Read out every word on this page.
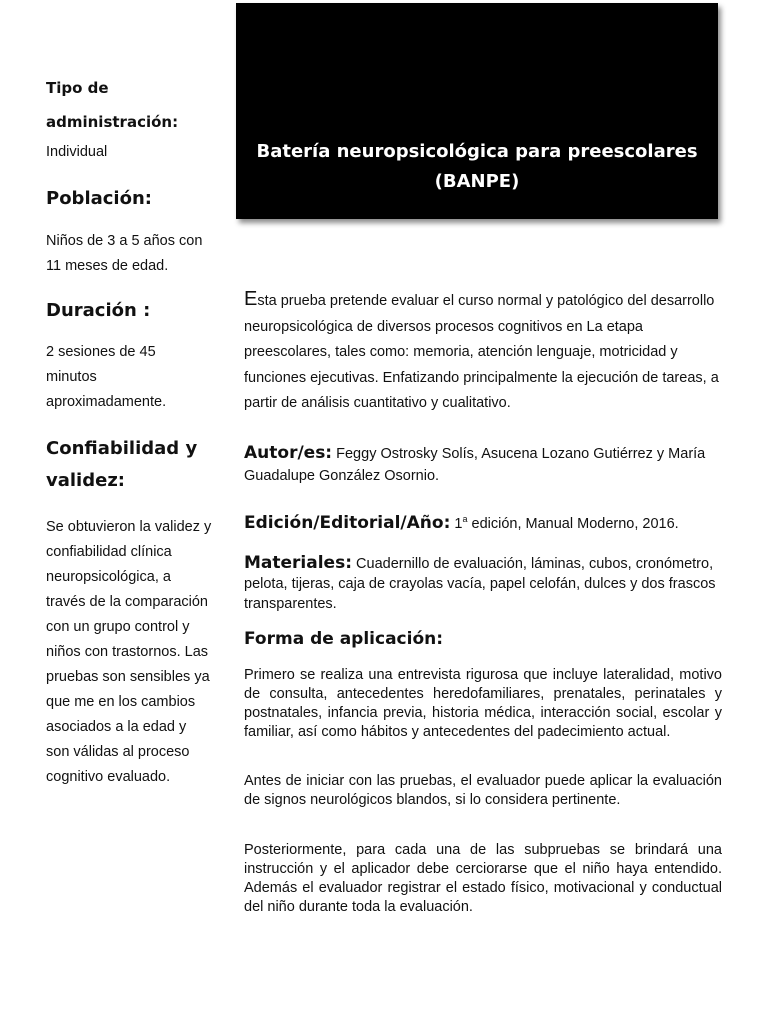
Batería neuropsicológica para preescolares
(BANPE)
Tipo de administración:
Individual
Población:
Niños de 3 a 5 años con 11 meses de edad.
Duración :
2 sesiones de 45 minutos aproximadamente.
Confiabilidad y validez:
Se obtuvieron la validez y confiabilidad clínica neuropsicológica, a través de la comparación con un grupo control y niños con trastornos. Las pruebas son sensibles ya que me en los cambios asociados a la edad y son válidas al proceso cognitivo evaluado.
Esta prueba pretende evaluar el curso normal y patológico del desarrollo neuropsicológica de diversos procesos cognitivos en La etapa preescolares, tales como: memoria, atención lenguaje, motricidad y funciones ejecutivas. Enfatizando principalmente la ejecución de tareas, a partir de análisis cuantitativo y cualitativo.
Autor/es: Feggy Ostrosky Solís, Asucena Lozano Gutiérrez y María Guadalupe González Osornio.
Edición/Editorial/Año: 1$^a$ edición, Manual Moderno, 2016.
Materiales: Cuadernillo de evaluación, láminas, cubos, cronómetro, pelota, tijeras, caja de crayolas vacía, papel celofán, dulces y dos frascos transparentes.
Forma de aplicación:
Primero se realiza una entrevista rigurosa que incluye lateralidad, motivo de consulta, antecedentes heredofamiliares, prenatales, perinatales y postnatales, infancia previa, historia médica, interacción social, escolar y familiar, así como hábitos y antecedentes del padecimiento actual.
Antes de iniciar con las pruebas, el evaluador puede aplicar la evaluación de signos neurológicos blandos, si lo considera pertinente.
Posteriormente, para cada una de las subpruebas se brindará una instrucción y el aplicador debe cerciorarse que el niño haya entendido. Además el evaluador registrar el estado físico, motivacional y conductual del niño durante toda la evaluación.
